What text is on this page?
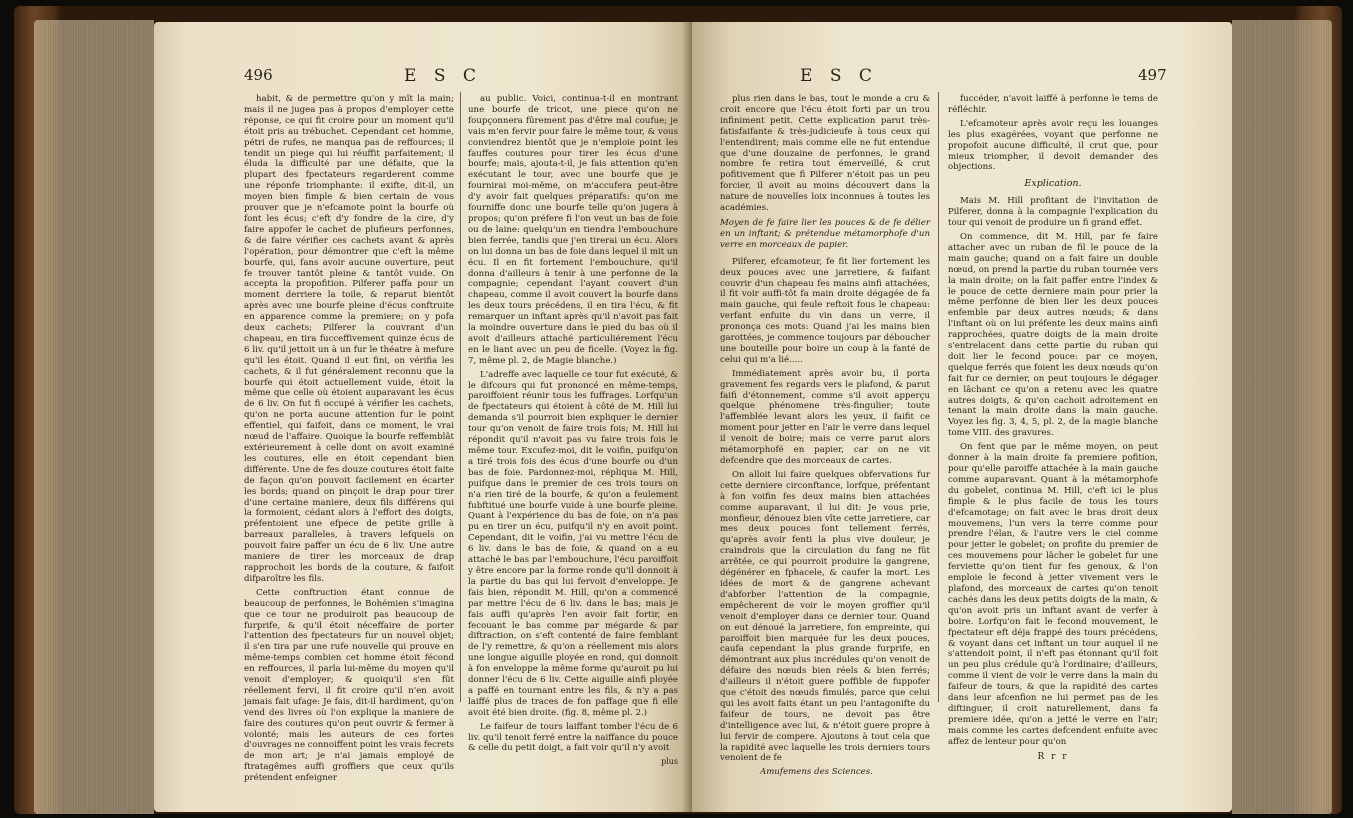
496	E S C

habit, & de permettre qu'on y mît la main; mais il ne jugea pas à propos d'employer cette réponse, ce qui fit croire pour un moment qu'il étoit pris au trébuchet. Cependant cet homme, pétri de rufes, ne manqua pas de reffources; il tendit un piege qui lui réuffit parfaitement; il éluda la difficulté par une défaite, que la plupart des fpectateurs regarderent comme une réponfe triomphante: il exifte, dit-il, un moyen bien fimple & bien certain de vous prouver que je n'efcamote point la bourfe où font les écus; c'eft d'y fondre de la cire, d'y faire appofer le cachet de plufieurs perfonnes, & de faire vérifier ces cachets avant & après l'opération, pour démontrer que c'eft la même bourfe, qui, fans avoir aucune ouverture, peut fe trouver tantôt pleine & tantôt vuide. On accepta la propofition. Pilferer paffa pour un moment derriere la toile, & reparut bientôt après avec une bourfe pleine d'écus conftruite en apparence comme la premiere; on y pofa deux cachets; Pilferer la couvrant d'un chapeau, en tira fucceffivement quinze écus de 6 liv. qu'il jettoit un à un fur le théatre à mefure qu'il les étoit. Quand il eut fini, on vérifia les cachets, & il fut généralement reconnu que la bourfe qui étoit actuellement vuide, étoit la même que celle où étoient auparavant les écus de 6 liv. On fut fi occupé à vérifier les cachets, qu'on ne porta aucune attention fur le point effentiel, qui faifoit, dans ce moment, le vrai nœud de l'affaire. Quoique la bourfe reffemblât extérieurement à celle dont on avoit examiné les coutures, elle en étoit cependant bien différente. Une de fes douze coutures étoit faite de façon qu'on pouvoit facilement en écarter les bords; quand on pinçoit le drap pour tirer d'une certaine maniere, deux fils différens qui la formoient, cédant alors à l'effort des doigts, préfentoient une efpece de petite grille à barreaux paralleles, à travers lefquels on pouvoit faire paffer un écu de 6 liv. Une autre maniere de tirer les morceaux de drap rapprochoit les bords de la couture, & faifoit difparoître les fils.

Cette conftruction étant connue de beaucoup de perfonnes, le Bohémien s'imagina que ce tour ne produiroit pas beaucoup de furprife, & qu'il étoit néceffaire de porter l'attention des fpectateurs fur un nouvel objet; il s'en tira par une rufe nouvelle qui prouve en même-temps combien cet homme étoit fécond en reffources, il parla lui-même du moyen qu'il venoit d'employer; & quoiqu'il s'en fût réellement fervi, il fit croire qu'il n'en avoit jamais fait ufage: Je fais, dit-il hardiment, qu'on vend des livres où l'on explique la maniere de faire des coutures qu'on peut ouvrir & fermer à volonté; mais les auteurs de ces fortes d'ouvrages ne connoiffent point les vrais fecrets de mon art; je n'ai jamais employé de ftratagêmes auffi groffiers que ceux qu'ils prétendent enfeigner

au public. Voici, continua-t-il en montrant une bourfe de tricot, une piece qu'on ne foupçonnera fûrement pas d'être mal coufue; je vais m'en fervir pour faire le même tour, & vous conviendrez bientôt que je n'emploie point les fauffes coutures pour tirer les écus d'une bourfe; mais, ajouta-t-il, je fais attention qu'en exécutant le tour, avec une bourfe que je fournirai moi-même, on m'accufera peut-être d'y avoir fait quelques préparatifs: qu'on me fourniffe donc une bourfe telle qu'on jugera à propos; qu'on préfere fi l'on veut un bas de foie ou de laine: quelqu'un en tiendra l'embouchure bien ferrée, tandis que j'en tirerai un écu. Alors on lui donna un bas de foie dans lequel il mit un écu. Il en fit fortement l'embouchure, qu'il donna d'ailleurs à tenir à une perfonne de la compagnie; cependant l'ayant couvert d'un chapeau, comme il avoit couvert la bourfe dans les deux tours précédens, il en tira l'écu, & fit remarquer un inftant après qu'il n'avoit pas fait la moindre ouverture dans le pied du bas où il avoit d'ailleurs attaché particuliérement l'écu en le liant avec un peu de ficelle. (Voyez la fig. 7, même pl. 2, de Magie blanche.)

L'adreffe avec laquelle ce tour fut exécuté, & le difcours qui fut prononcé en même-temps, paroiffoient réunir tous les fuffrages. Lorfqu'un de fpectateurs qui étoient à côté de M. Hill lui demanda s'il pourroit bien expliquer le dernier tour qu'on venoit de faire trois fois; M. Hill lui répondit qu'il n'avoit pas vu faire trois fois le même tour. Excufez-moi, dit le voifin, puifqu'on a tiré trois fois des écus d'une bourfe ou d'un bas de foie. Pardonnez-moi, répliqua M. Hill, puifque dans le premier de ces trois tours on n'a rien tiré de la bourfe, & qu'on a feulement fubftitué une bourfe vuide à une bourfe pleine. Quant à l'expérience du bas de foie, on n'a pas pu en tirer un écu, puifqu'il n'y en avoit point. Cependant, dit le voifin, j'ai vu mettre l'écu de 6 liv. dans le bas de foie, & quand on a eu attaché le bas par l'embouchure, l'écu paroiffoit y être encore par la forme ronde qu'il donnoit à la partie du bas qui lui fervoit d'enveloppe. Je fais bien, répondit M. Hill, qu'on a commencé par mettre l'écu de 6 liv. dans le bas; mais je fais auffi qu'après l'en avoir fait fortir, en fecouant le bas comme par mégarde & par diftraction, on s'eft contenté de faire femblant de l'y remettre, & qu'on a réellement mis alors une longue aiguille ployée en rond, qui donnoit à fon enveloppe la même forme qu'auroit pu lui donner l'écu de 6 liv. Cette aiguille ainfi ployée a paffé en tournant entre les fils, & n'y a pas laiffé plus de traces de fon paffage que fi elle avoit été bien droite. (fig. 8, même pl. 2.)

Le faifeur de tours laiffant tomber l'écu de 6 liv. qu'il tenoit ferré entre la naiffance du pouce & celle du petit doigt, a fait voir qu'il n'y avoit

plus
E S C	497

plus rien dans le bas, tout le monde a cru & croit encore que l'écu étoit forti par un trou infiniment petit. Cette explication parut très-fatisfaifante & très-judicieufe à tous ceux qui l'entendirent; mais comme elle ne fut entendue que d'une douzaine de perfonnes, le grand nombre fe retira tout émerveillé, & crut pofitivement que fi Pilferer n'étoit pas un peu forcier, il avoit au moins découvert dans la nature de nouvelles loix inconnues à toutes les académies.

Moyen de fe faire lier les pouces & de fe délier en un inftant; & prétendue métamorphofe d'un verre en morceaux de papier.

Pilferer, efcamoteur, fe fit lier fortement les deux pouces avec une jarretiere, & faifant couvrir d'un chapeau fes mains ainfi attachées, il fit voir auffi-tôt fa main droite dégagée de fa main gauche, qui feule reftoit fous le chapeau: verfant enfuite du vin dans un verre, il prononça ces mots: Quand j'ai les mains bien garottées, je commence toujours par déboucher une bouteille pour boire un coup à la fanté de celui qui m'a lié.....

Immédiatement après avoir bu, il porta gravement fes regards vers le plafond, & parut faifi d'étonnement, comme s'il avoit apperçu quelque phénomene très-fingulier; toute l'affemblée levant alors les yeux, il faifit ce moment pour jetter en l'air le verre dans lequel il venoit de boire; mais ce verre parut alors métamorphofé en papier, car on ne vit defcendre que des morceaux de cartes.

On alloit lui faire quelques obfervations fur cette derniere circonftance, lorfque, préfentant à fon voifin fes deux mains bien attachées comme auparavant, il lui dit: Je vous prie, monfieur, dénouez bien vîte cette jarretiere, car mes deux pouces font tellement ferrés, qu'après avoir fenti la plus vive douleur, je craindrois que la circulation du fang ne fût arrêtée, ce qui pourroit produire la gangrene, dégénérer en fphacele, & caufer la mort. Les idées de mort & de gangrene achevant d'abforber l'attention de la compagnie, empêcherent de voir le moyen groffier qu'il venoit d'employer dans ce dernier tour. Quand on eut dénoué la jarretiere, fon empreinte, qui paroiffoit bien marquée fur les deux pouces, caufa cependant la plus grande furprife, en démontrant aux plus incrédules qu'on venoit de défaire des nœuds bien réels & bien ferrés; d'ailleurs il n'étoit guere poffible de fuppofer que c'étoit des nœuds fimulés, parce que celui qui les avoit faits étant un peu l'antagonifte du faifeur de tours, ne devoit pas être d'intelligence avec lui, & n'étoit guere propre à lui fervir de compere. Ajoutons à tout cela que la rapidité avec laquelle les trois derniers tours venoient de fe

Amufemens des Sciences.

fuccéder, n'avoit laiffé à perfonne le tems de réfléchir.

L'efcamoteur après avoir reçu les louanges les plus exagérées, voyant que perfonne ne propofoit aucune difficulté, il crut que, pour mieux triompher, il devoit demander des objections.

Explication.

Mais M. Hill profitant de l'invitation de Pilferer, donna à la compagnie l'explication du tour qui venoit de produire un fi grand effet.

On commence, dit M. Hill, par fe faire attacher avec un ruban de fil le pouce de la main gauche; quand on a fait faire un double nœud, on prend la partie du ruban tournée vers la main droite; on la fait paffer entre l'index & le pouce de cette derniere main pour prier la même perfonne de bien lier les deux pouces enfemble par deux autres nœuds; & dans l'inftant où on lui préfente les deux mains ainfi rapprochées, quatre doigts de la main droite s'entrelacent dans cette partie du ruban qui doit lier le fecond pouce: par ce moyen, quelque ferrés que foient les deux nœuds qu'on fait fur ce dernier, on peut toujours le dégager en lâchant ce qu'on a retenu avec les quatre autres doigts, & qu'on cachoit adroitement en tenant la main droite dans la main gauche. Voyez les fig. 3, 4, 5, pl. 2, de la magie blanche tome VIII. des gravures.

On fent que par le même moyen, on peut donner à la main droite fa premiere pofition, pour qu'elle paroiffe attachée à la main gauche comme auparavant. Quant à la métamorphofe du gobelet, continua M. Hill, c'eft ici le plus fimple & le plus facile de tous les tours d'efcamotage; on fait avec le bras droit deux mouvemens, l'un vers la terre comme pour prendre l'élan, & l'autre vers le ciel comme pour jetter le gobelet; on profite du premier de ces mouvemens pour lâcher le gobelet fur une ferviette qu'on tient fur fes genoux, & l'on emploie le fecond à jetter vivement vers le plafond, des morceaux de cartes qu'on tenoit cachés dans les deux petits doigts de la main, & qu'on avoit pris un inftant avant de verfer à boire. Lorfqu'on fait le fecond mouvement, le fpectateur eft déja frappé des tours précédens, & voyant dans cet inftant un tour auquel il ne s'attendoit point, il n'eft pas étonnant qu'il foit un peu plus crédule qu'à l'ordinaire; d'ailleurs, comme il vient de voir le verre dans la main du faifeur de tours, & que la rapidité des cartes dans leur afcenfion ne lui permet pas de les diftinguer, il croit naturellement, dans fa premiere idée, qu'on a jetté le verre en l'air; mais comme les cartes defcendent enfuite avec affez de lenteur pour qu'on

R r r
